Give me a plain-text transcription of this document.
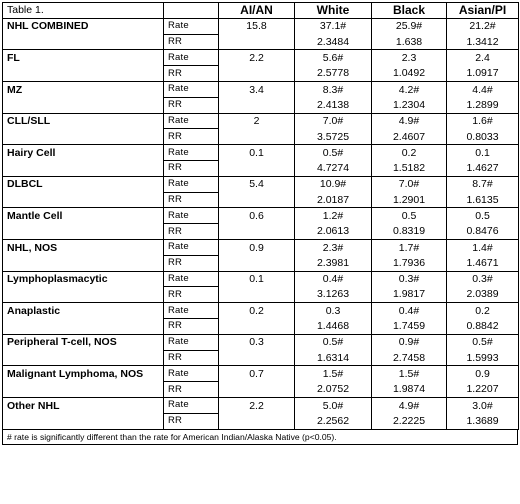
Table 1.		AI/AN	White	Black	Asian/PI
NHL COMBINED	Rate	15.8	37.1#	25.9#	21.2#
	RR		2.3484	1.638	1.3412
FL	Rate	2.2	5.6#	2.3	2.4
	RR		2.5778	1.0492	1.0917
MZ	Rate	3.4	8.3#	4.2#	4.4#
	RR		2.4138	1.2304	1.2899
CLL/SLL	Rate	2	7.0#	4.9#	1.6#
	RR		3.5725	2.4607	0.8033
Hairy Cell	Rate	0.1	0.5#	0.2	0.1
	RR		4.7274	1.5182	1.4627
DLBCL	Rate	5.4	10.9#	7.0#	8.7#
	RR		2.0187	1.2901	1.6135
Mantle Cell	Rate	0.6	1.2#	0.5	0.5
	RR		2.0613	0.8319	0.8476
NHL, NOS	Rate	0.9	2.3#	1.7#	1.4#
	RR		2.3981	1.7936	1.4671
Lymphoplasmacytic	Rate	0.1	0.4#	0.3#	0.3#
	RR		3.1263	1.9817	2.0389
Anaplastic	Rate	0.2	0.3	0.4#	0.2
	RR		1.4468	1.7459	0.8842
Peripheral T-cell, NOS	Rate	0.3	0.5#	0.9#	0.5#
	RR		1.6314	2.7458	1.5993
Malignant Lymphoma, NOS	Rate	0.7	1.5#	1.5#	0.9
	RR		2.0752	1.9874	1.2207
Other NHL	Rate	2.2	5.0#	4.9#	3.0#
	RR		2.2562	2.2225	1.3689
# rate is significantly different than the rate for American Indian/Alaska Native (p<0.05).
